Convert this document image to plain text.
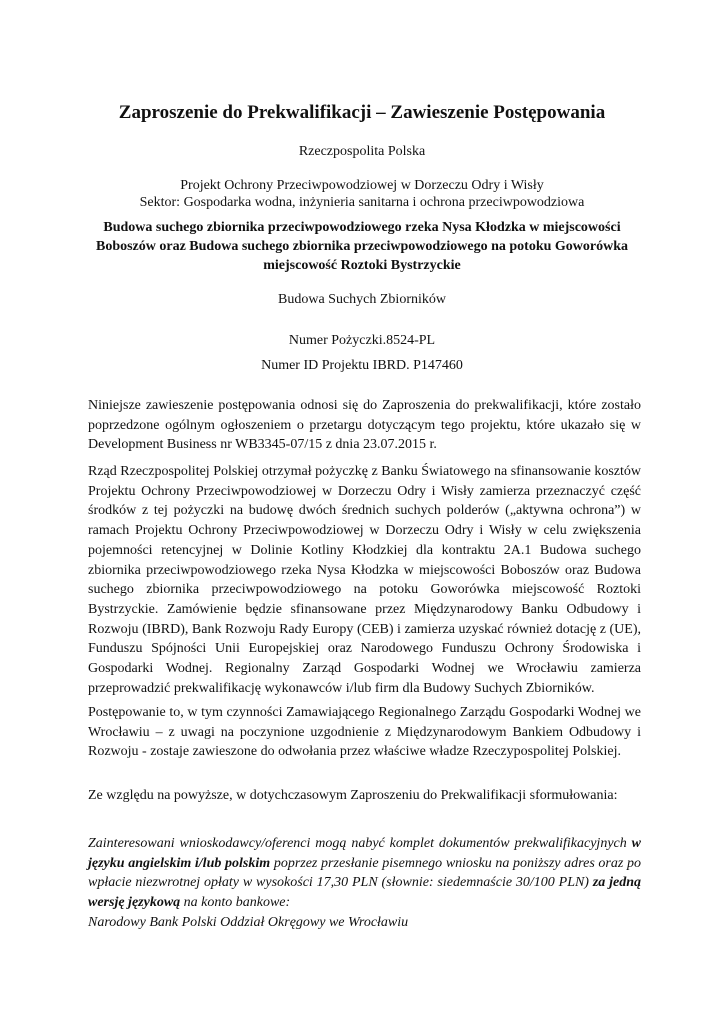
Zaproszenie do Prekwalifikacji – Zawieszenie Postępowania
Rzeczpospolita Polska
Projekt Ochrony Przeciwpowodziowej w Dorzeczu Odry i Wisły
Sektor: Gospodarka wodna, inżynieria sanitarna i ochrona przeciwpowodziowa
Budowa suchego zbiornika przeciwpowodziowego rzeka Nysa Kłodzka w miejscowości Boboszów oraz Budowa suchego zbiornika przeciwpowodziowego na potoku Goworówka miejscowość Roztoki Bystrzyckie
Budowa Suchych Zbiorników
Numer Pożyczki.8524-PL
Numer ID Projektu IBRD. P147460

Niniejsze zawieszenie postępowania odnosi się do Zaproszenia do prekwalifikacji, które zostało poprzedzone ogólnym ogłoszeniem o przetargu dotyczącym tego projektu, które ukazało się w Development Business nr WB3345-07/15 z dnia 23.07.2015 r.

Rząd Rzeczpospolitej Polskiej otrzymał pożyczkę z Banku Światowego na sfinansowanie kosztów Projektu Ochrony Przeciwpowodziowej w Dorzeczu Odry i Wisły zamierza przeznaczyć część środków z tej pożyczki na budowę dwóch średnich suchych polderów („aktywna ochrona”) w ramach Projektu Ochrony Przeciwpowodziowej w Dorzeczu Odry i Wisły w celu zwiększenia pojemności retencyjnej w Dolinie Kotliny Kłodzkiej dla kontraktu 2A.1 Budowa suchego zbiornika przeciwpowodziowego rzeka Nysa Kłodzka w miejscowości Boboszów oraz Budowa suchego zbiornika przeciwpowodziowego na potoku Goworówka miejscowość Roztoki Bystrzyckie. Zamówienie będzie sfinansowane przez Międzynarodowy Banku Odbudowy i Rozwoju (IBRD), Bank Rozwoju Rady Europy (CEB) i zamierza uzyskać również dotację z (UE), Funduszu Spójności Unii Europejskiej oraz Narodowego Funduszu Ochrony Środowiska i Gospodarki Wodnej. Regionalny Zarząd Gospodarki Wodnej we Wrocławiu zamierza przeprowadzić prekwalifikację wykonawców i/lub firm dla Budowy Suchych Zbiorników.

Postępowanie to, w tym czynności Zamawiającego Regionalnego Zarządu Gospodarki Wodnej we Wrocławiu – z uwagi na poczynione uzgodnienie z Międzynarodowym Bankiem Odbudowy i Rozwoju - zostaje zawieszone do odwołania przez właściwe władze Rzeczypospolitej Polskiej.

Ze względu na powyższe, w dotychczasowym Zaproszeniu do Prekwalifikacji sformułowania:

Zainteresowani wnioskodawcy/oferenci mogą nabyć komplet dokumentów prekwalifikacyjnych w języku angielskim i/lub polskim poprzez przesłanie pisemnego wniosku na poniższy adres oraz po wpłacie niezwrotnej opłaty w wysokości 17,30 PLN (słownie: siedemnaście 30/100 PLN) za jedną wersję językową na konto bankowe:

Narodowy Bank Polski Oddział Okręgowy we Wrocławiu
